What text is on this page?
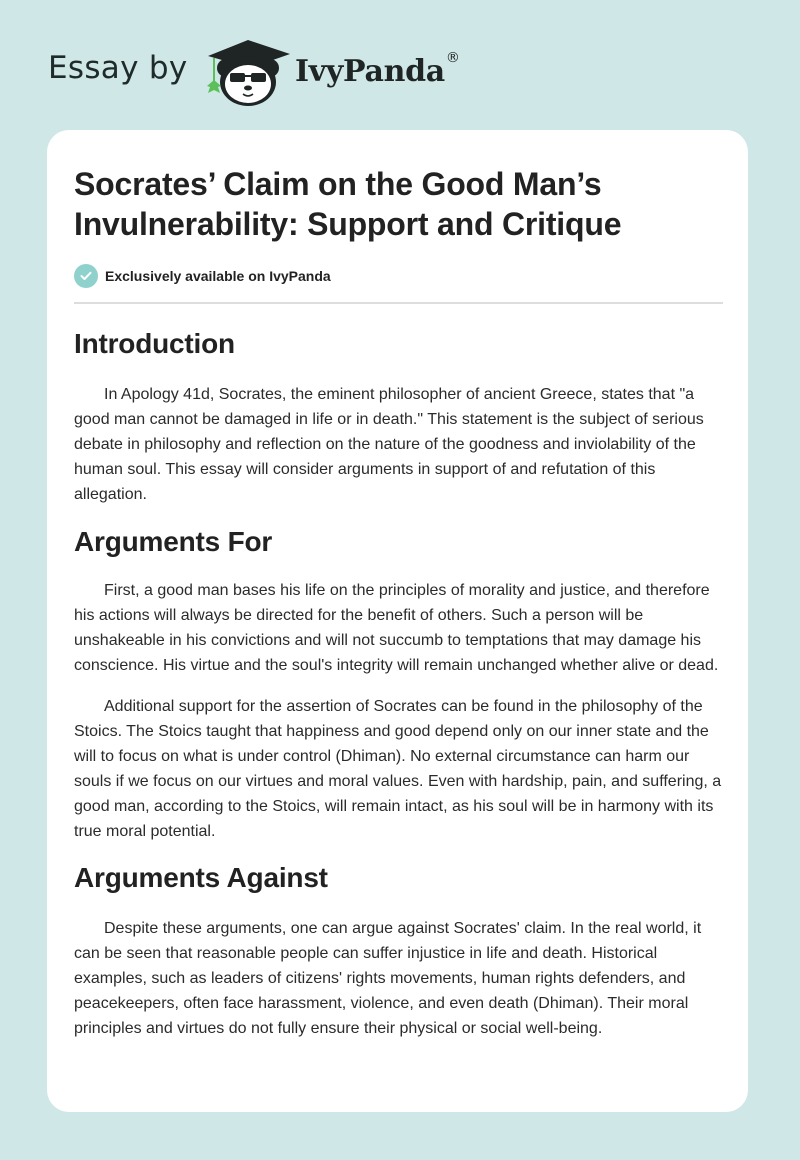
Essay by	IvyPanda®
Socrates’ Claim on the Good Man’s Invulnerability: Support and Critique
Exclusively available on IvyPanda
Introduction

In Apology 41d, Socrates, the eminent philosopher of ancient Greece, states that "a good man cannot be damaged in life or in death." This statement is the subject of serious debate in philosophy and reflection on the nature of the goodness and inviolability of the human soul. This essay will consider arguments in support of and refutation of this allegation.

Arguments For

First, a good man bases his life on the principles of morality and justice, and therefore his actions will always be directed for the benefit of others. Such a person will be unshakeable in his convictions and will not succumb to temptations that may damage his conscience. His virtue and the soul's integrity will remain unchanged whether alive or dead.

Additional support for the assertion of Socrates can be found in the philosophy of the Stoics. The Stoics taught that happiness and good depend only on our inner state and the will to focus on what is under control (Dhiman). No external circumstance can harm our souls if we focus on our virtues and moral values. Even with hardship, pain, and suffering, a good man, according to the Stoics, will remain intact, as his soul will be in harmony with its true moral potential.

Arguments Against

Despite these arguments, one can argue against Socrates' claim. In the real world, it can be seen that reasonable people can suffer injustice in life and death. Historical examples, such as leaders of citizens' rights movements, human rights defenders, and peacekeepers, often face harassment, violence, and even death (Dhiman). Their moral principles and virtues do not fully ensure their physical or social well-being.
